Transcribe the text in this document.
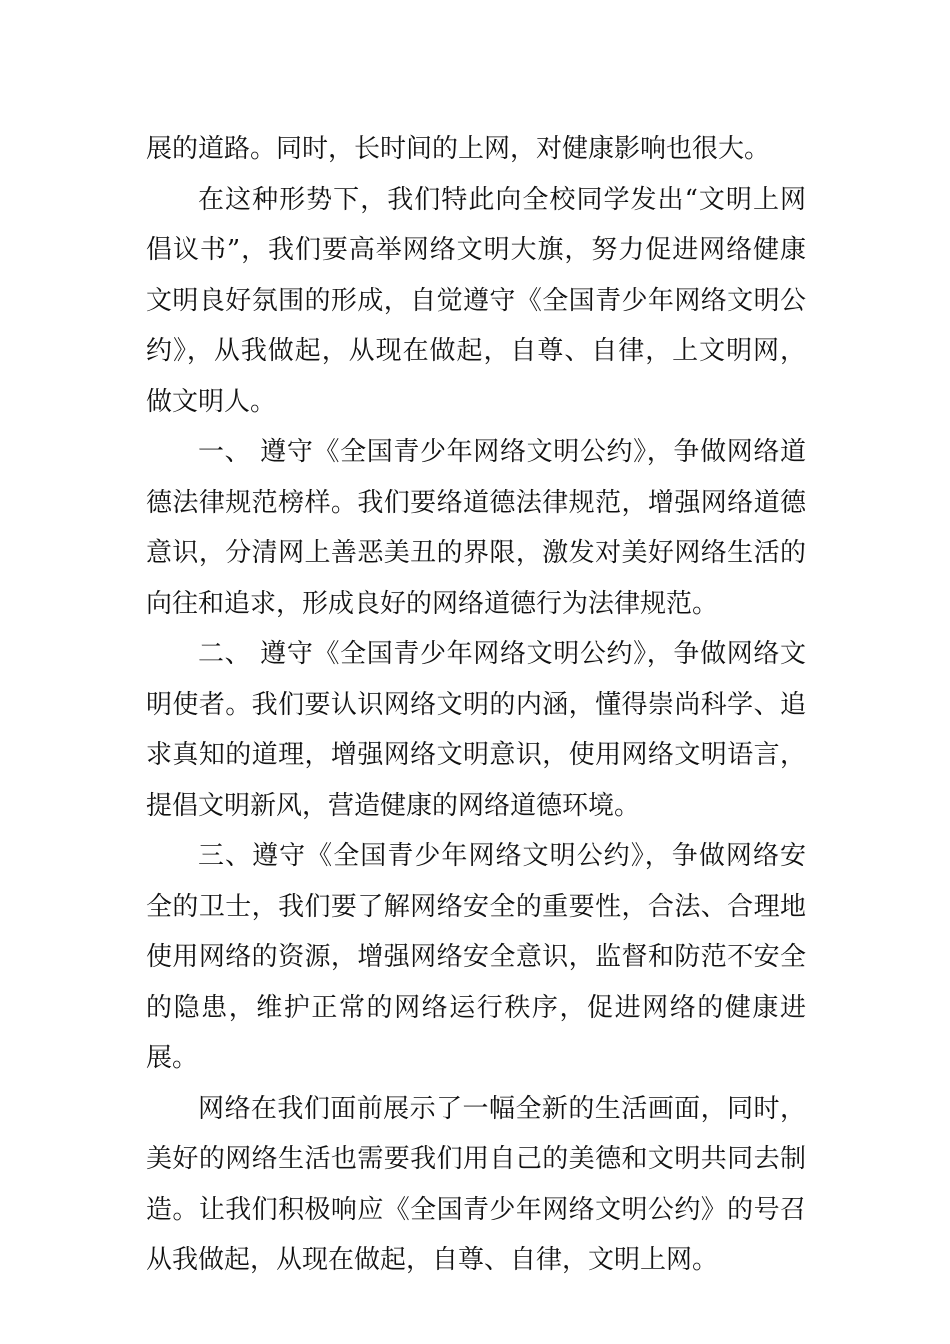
展的道路。同时，长时间的上网，对健康影响也很大。

在这种形势下，我们特此向全校同学发出“文明上网倡议书”，我们要高举网络文明大旗，努力促进网络健康文明良好氛围的形成，自觉遵守《全国青少年网络文明公约》，从我做起，从现在做起，自尊、自律，上文明网，做文明人。

一、 遵守《全国青少年网络文明公约》，争做网络道德法律规范榜样。我们要络道德法律规范，增强网络道德意识，分清网上善恶美丑的界限，激发对美好网络生活的向往和追求，形成良好的网络道德行为法律规范。

二、 遵守《全国青少年网络文明公约》，争做网络文明使者。我们要认识网络文明的内涵，懂得崇尚科学、追求真知的道理，增强网络文明意识，使用网络文明语言，提倡文明新风，营造健康的网络道德环境。

三、遵守《全国青少年网络文明公约》，争做网络安全的卫士，我们要了解网络安全的重要性，合法、合理地使用网络的资源，增强网络安全意识，监督和防范不安全的隐患，维护正常的网络运行秩序，促进网络的健康进展。

网络在我们面前展示了一幅全新的生活画面，同时，美好的网络生活也需要我们用自己的美德和文明共同去制造。让我们积极响应《全国青少年网络文明公约》的号召从我做起，从现在做起，自尊、自律，文明上网。
